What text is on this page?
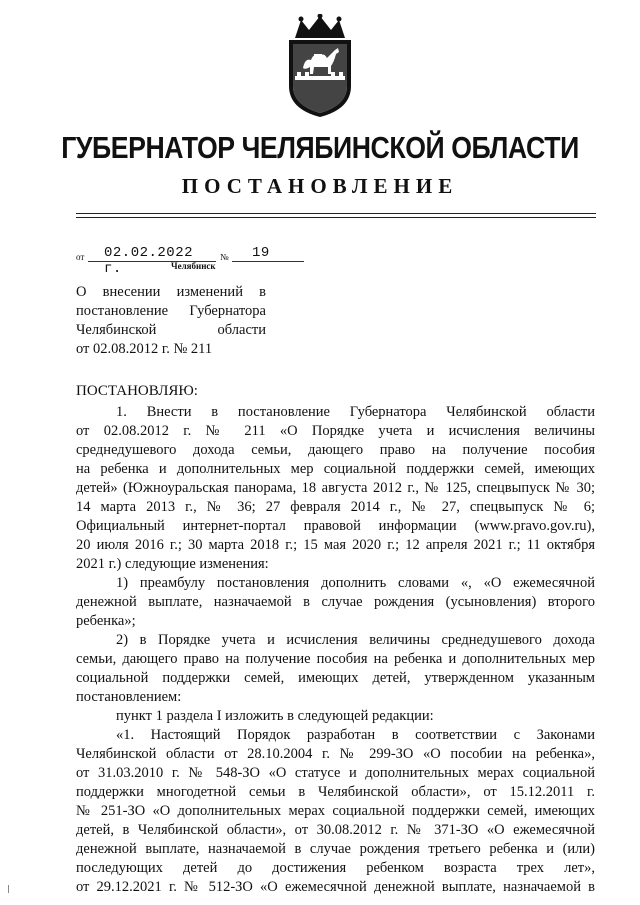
ГУБЕРНАТОР ЧЕЛЯБИНСКОЙ ОБЛАСТИ
ПОСТАНОВЛЕНИЕ
от 02.02.2022 г.
№ 19
Челябинск
О внесении изменений в
постановление Губернатора
Челябинской области
от 02.08.2012 г. № 211
ПОСТАНОВЛЯЮ:
1. Внести в постановление Губернатора Челябинской области
от 02.08.2012 г. № 211 «О Порядке учета и исчисления величины
среднедушевого дохода семьи, дающего право на получение пособия
на ребенка и дополнительных мер социальной поддержки семей, имеющих
детей» (Южноуральская панорама, 18 августа 2012 г., № 125, спецвыпуск № 30;
14 марта 2013 г., № 36; 27 февраля 2014 г., № 27, спецвыпуск № 6;
Официальный интернет-портал правовой информации (www.pravo.gov.ru),
20 июля 2016 г.; 30 марта 2018 г.; 15 мая 2020 г.; 12 апреля 2021 г.; 11 октября
2021 г.) следующие изменения:
1) преамбулу постановления дополнить словами «, «О ежемесячной
денежной выплате, назначаемой в случае рождения (усыновления) второго
ребенка»;
2) в Порядке учета и исчисления величины среднедушевого дохода
семьи, дающего право на получение пособия на ребенка и дополнительных мер
социальной поддержки семей, имеющих детей, утвержденном указанным
постановлением:
пункт 1 раздела I изложить в следующей редакции:
«1. Настоящий Порядок разработан в соответствии с Законами
Челябинской области от 28.10.2004 г. № 299-ЗО «О пособии на ребенка»,
от 31.03.2010 г. № 548-ЗО «О статусе и дополнительных мерах социальной
поддержки многодетной семьи в Челябинской области», от 15.12.2011 г.
№ 251-ЗО «О дополнительных мерах социальной поддержки семей, имеющих
детей, в Челябинской области», от 30.08.2012 г. № 371-ЗО «О ежемесячной
денежной выплате, назначаемой в случае рождения третьего ребенка и (или)
последующих детей до достижения ребенком возраста трех лет»,
от 29.12.2021 г. № 512-ЗО «О ежемесячной денежной выплате, назначаемой в
